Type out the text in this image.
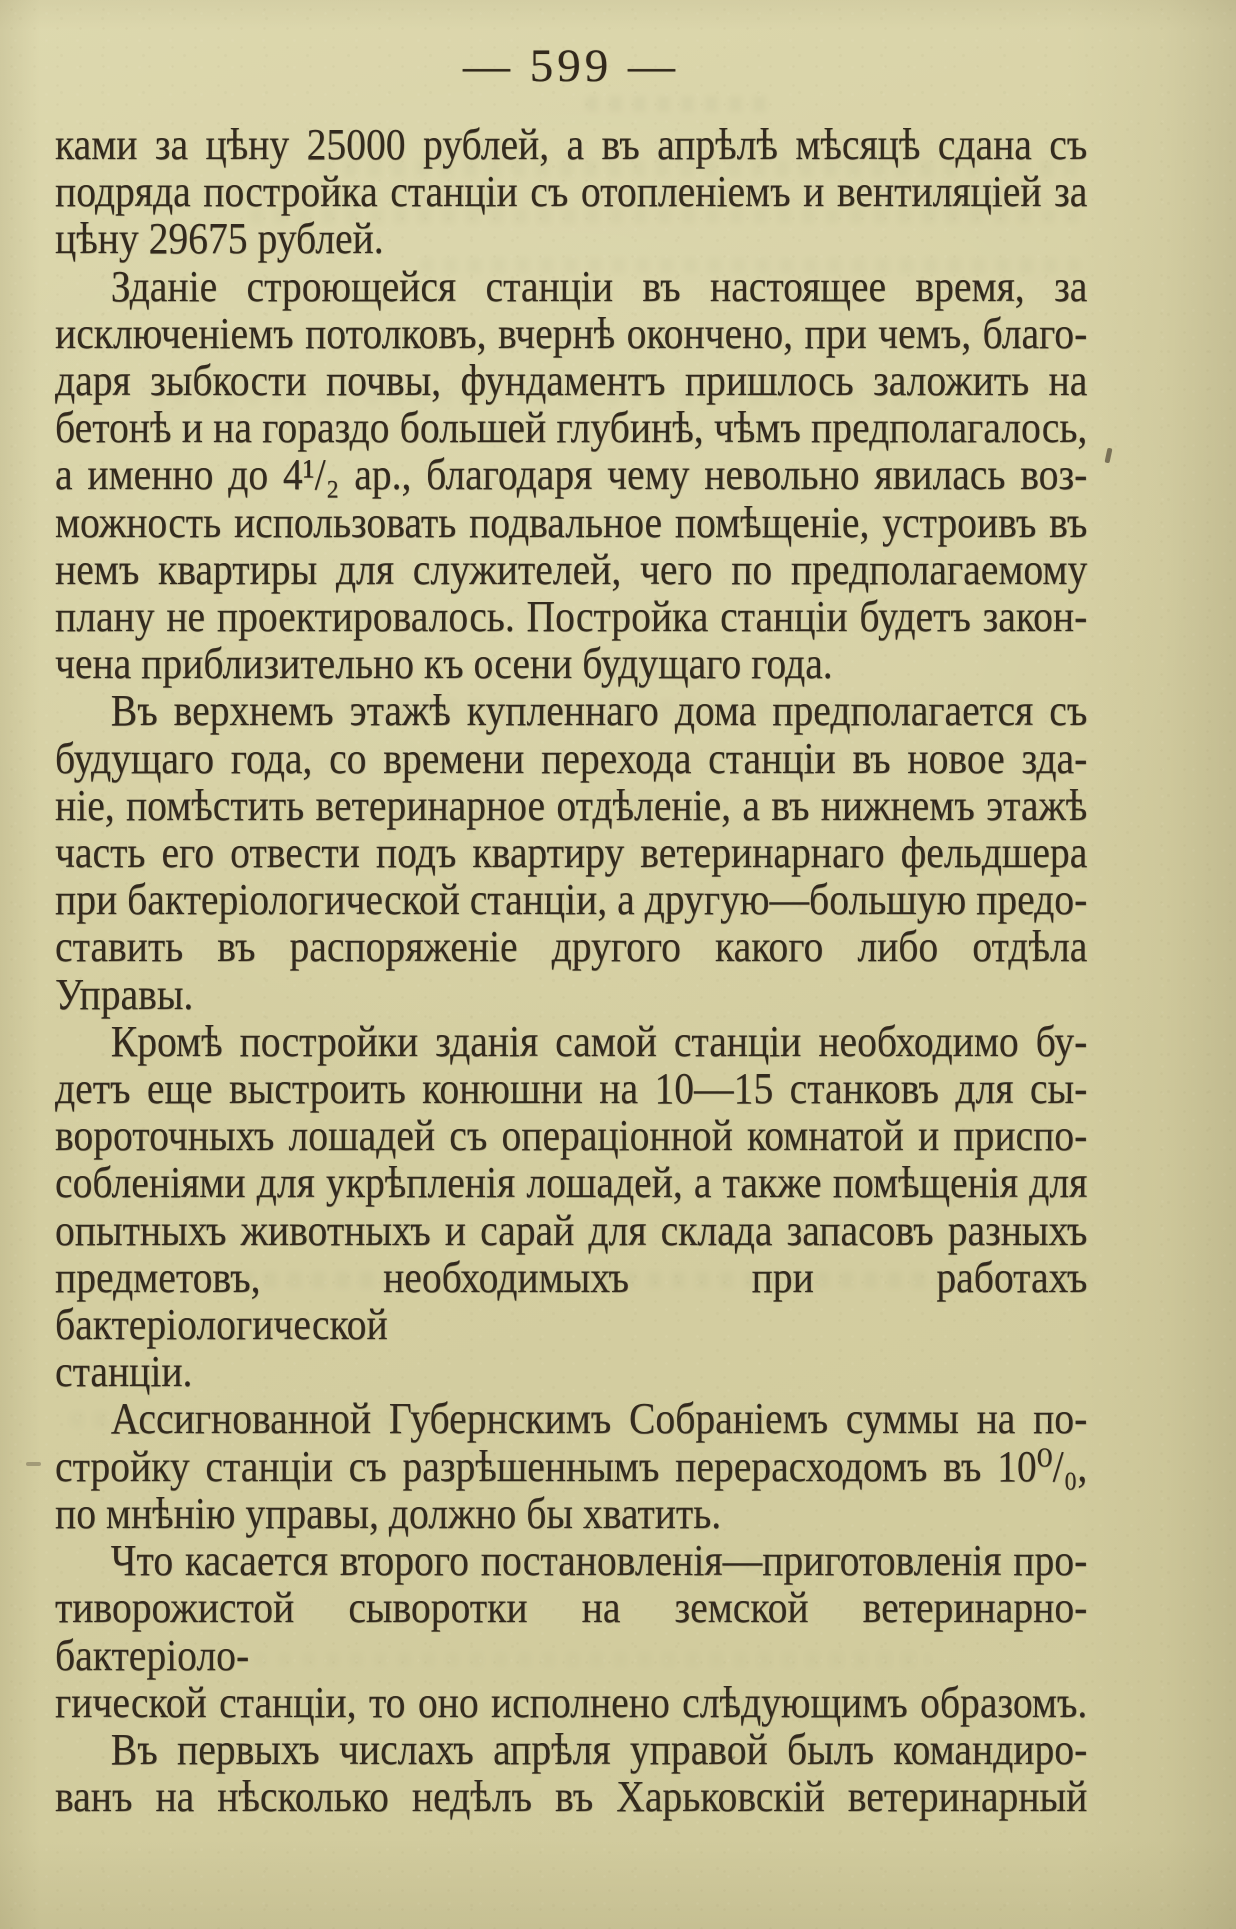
— 599 —
ками за цѣну 25000 рублей, а въ апрѣлѣ мѣсяцѣ сдана съ
подряда постройка станціи съ отопленіемъ и вентиляціей за
цѣну 29675 рублей.
Зданіе строющейся станціи въ настоящее время, за
исключеніемъ потолковъ, вчернѣ окончено, при чемъ, благо-
даря зыбкости почвы, фундаментъ пришлось заложить на
бетонѣ и на гораздо большей глубинѣ, чѣмъ предполагалось,
а именно до 4¹/₂ ар., благодаря чему невольно явилась воз-
можность использовать подвальное помѣщеніе, устроивъ въ
немъ квартиры для служителей, чего по предполагаемому
плану не проектировалось. Постройка станціи будетъ закон-
чена приблизительно къ осени будущаго года.
Въ верхнемъ этажѣ купленнаго дома предполагается съ
будущаго года, со времени перехода станціи въ новое зда-
ніе, помѣстить ветеринарное отдѣленіе, а въ нижнемъ этажѣ
часть его отвести подъ квартиру ветеринарнаго фельдшера
при бактеріологической станціи, а другую—большую предо-
ставить въ распоряженіе другого какого либо отдѣла Управы.
Кромѣ постройки зданія самой станціи необходимо бу-
детъ еще выстроить конюшни на 10—15 станковъ для сы-
вороточныхъ лошадей съ операціонной комнатой и приспо-
собленіями для укрѣпленія лошадей, а также помѣщенія для
опытныхъ животныхъ и сарай для склада запасовъ разныхъ
предметовъ, необходимыхъ при работахъ бактеріологической
станціи.
Ассигнованной Губернскимъ Собраніемъ суммы на по-
стройку станціи съ разрѣшеннымъ перерасходомъ въ 10⁰/₀,
по мнѣнію управы, должно бы хватить.
Что касается второго постановленія—приготовленія про-
тиворожистой сыворотки на земской ветеринарно-бактеріоло-
гической станціи, то оно исполнено слѣдующимъ образомъ.
Въ первыхъ числахъ апрѣля управой былъ командиро-
ванъ на нѣсколько недѣлъ въ Харьковскій ветеринарный
